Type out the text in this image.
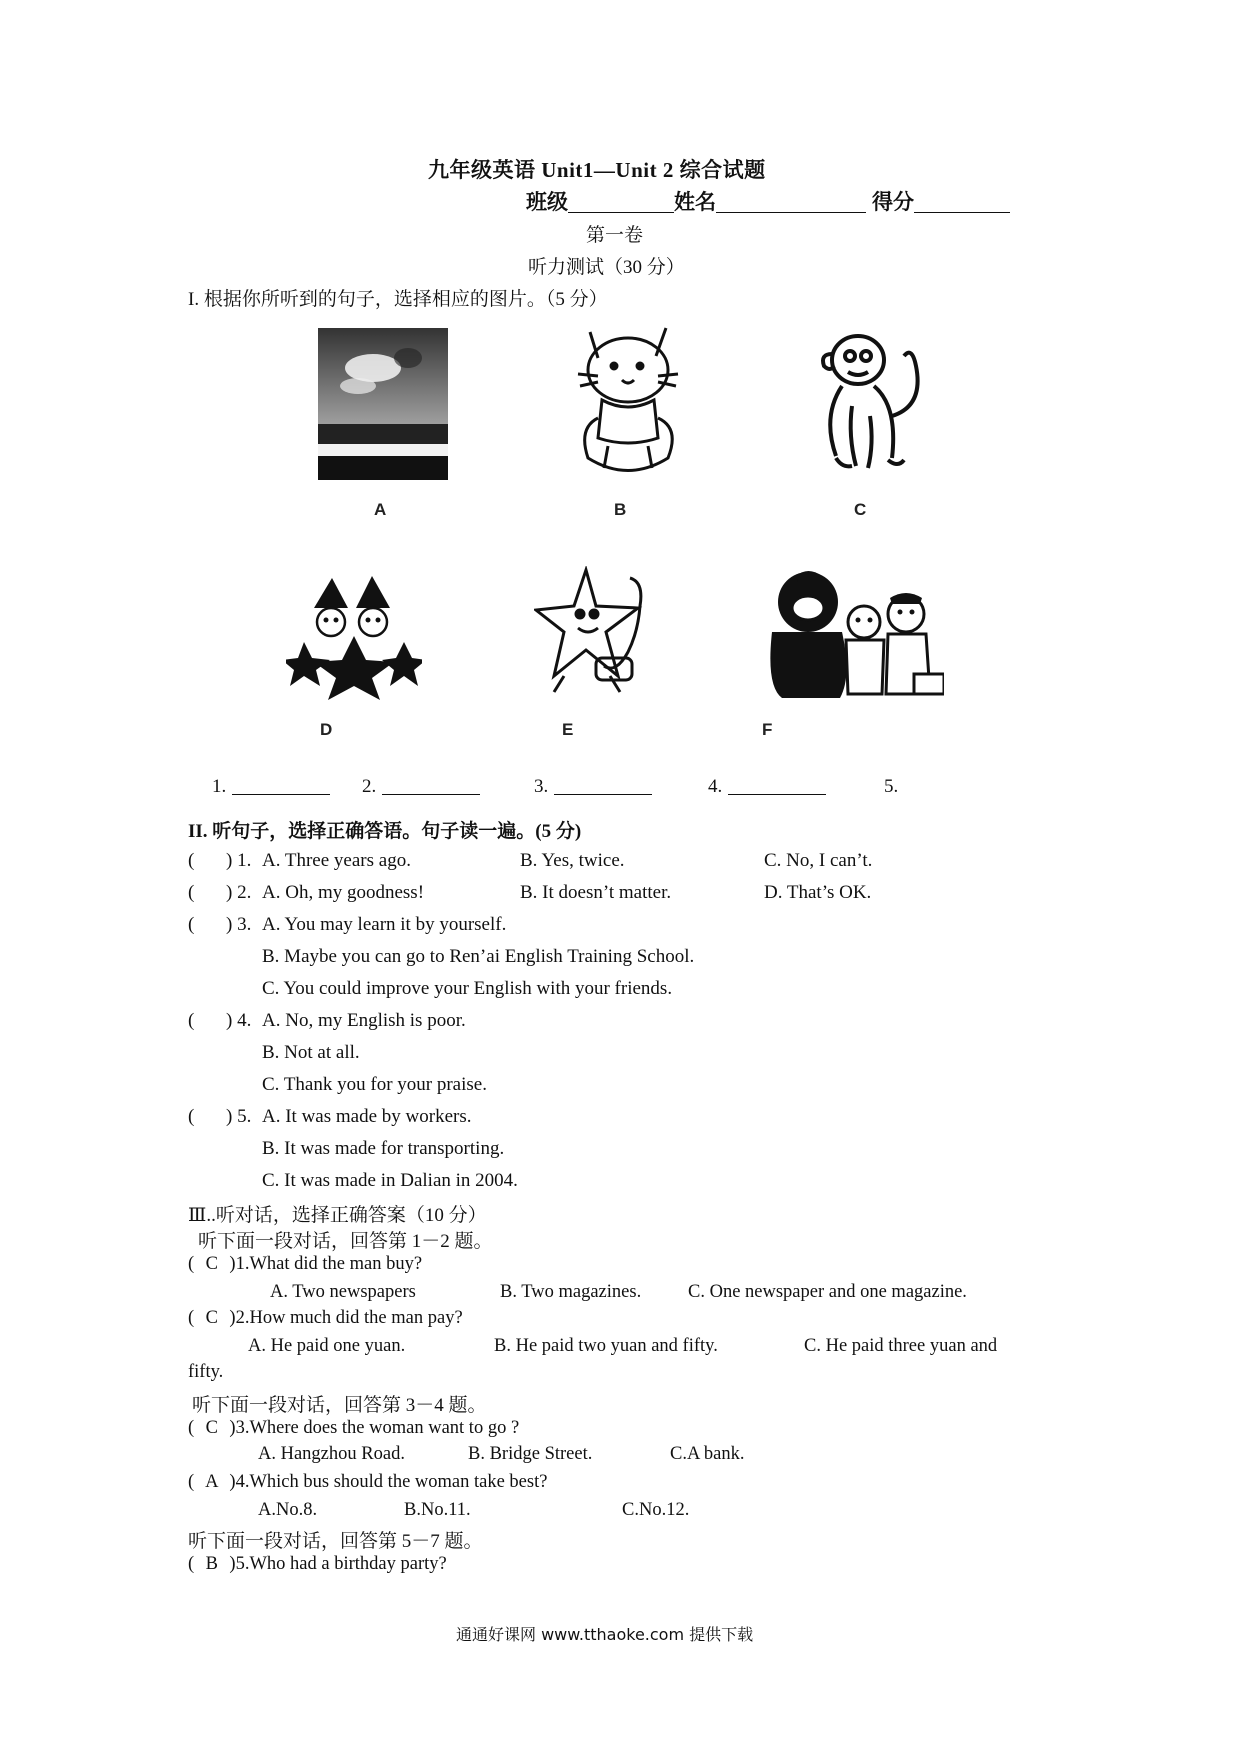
九年级英语 Unit1—Unit 2 综合试题
班级	姓名	得分
第一卷
听力测试（30 分）
I. 根据你所听到的句子，选择相应的图片。（5 分）
A	B	C
D	E	F
1.	2.	3.	4.	5.
II. 听句子，选择正确答语。句子读一遍。(5 分)
( ) 1. A. Three years ago.	B. Yes, twice.	C. No, I can’t.
( ) 2. A. Oh, my goodness!	B. It doesn’t matter.	D. That’s OK.
( ) 3. A. You may learn it by yourself.
B. Maybe you can go to Ren’ai English Training School.
C. You could improve your English with your friends.
( ) 4. A. No, my English is poor.
B. Not at all.
C. Thank you for your praise.
( ) 5. A. It was made by workers.
B. It was made for transporting.
C. It was made in Dalian in 2004.
Ⅲ..听对话，选择正确答案（10 分）
听下面一段对话，回答第 1－2 题。
( C )1.What did the man buy?
A. Two newspapers	B. Two magazines.	C. One newspaper and one magazine.
( C )2.How much did the man pay?
A. He paid one yuan.	B. He paid two yuan and fifty.	C. He paid three yuan and
fifty.
听下面一段对话，回答第 3－4 题。
( C )3.Where does the woman want to go ?
A. Hangzhou Road.	B. Bridge Street.	C.A bank.
( A )4.Which bus should the woman take best?
A.No.8.	B.No.11.	C.No.12.
听下面一段对话，回答第 5－7 题。
( B )5.Who had a birthday party?
通通好课网 www.tthaoke.com 提供下载
